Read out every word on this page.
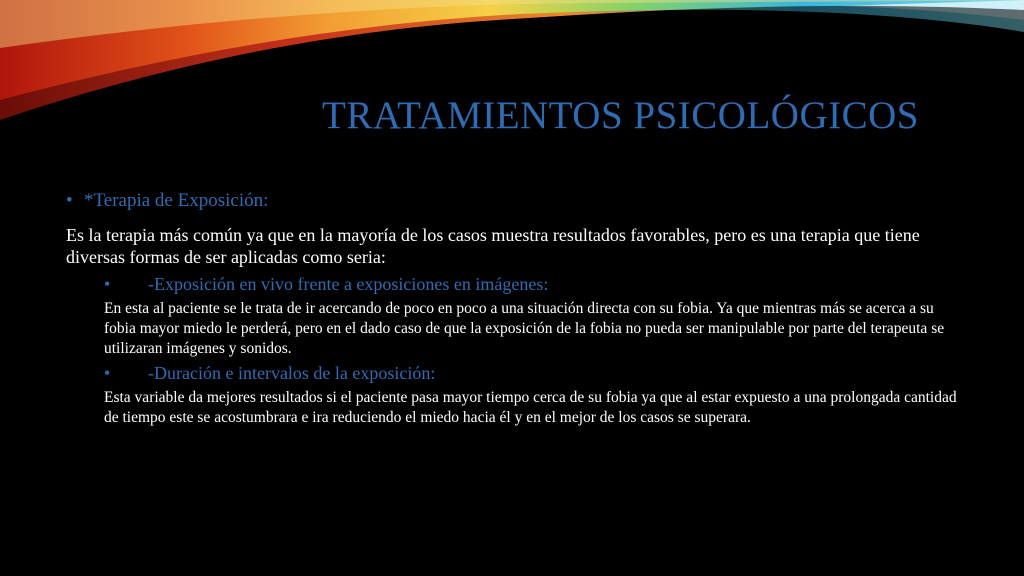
TRATAMIENTOS PSICOLÓGICOS
• *Terapia de Exposición:
Es la terapia más común ya que en la mayoría de los casos muestra resultados favorables, pero es una terapia que tiene diversas formas de ser aplicadas como seria:
• -Exposición en vivo frente a exposiciones en imágenes:
En esta al paciente se le trata de ir acercando de poco en poco a una situación directa con su fobia. Ya que mientras más se acerca a su fobia mayor miedo le perderá, pero en el dado caso de que la exposición de la fobia no pueda ser manipulable por parte del terapeuta se utilizaran imágenes y sonidos.
• -Duración e intervalos de la exposición:
Esta variable da mejores resultados si el paciente pasa mayor tiempo cerca de su fobia ya que al estar expuesto a una prolongada cantidad de tiempo este se acostumbrara e ira reduciendo el miedo hacia él y en el mejor de los casos se superara.
